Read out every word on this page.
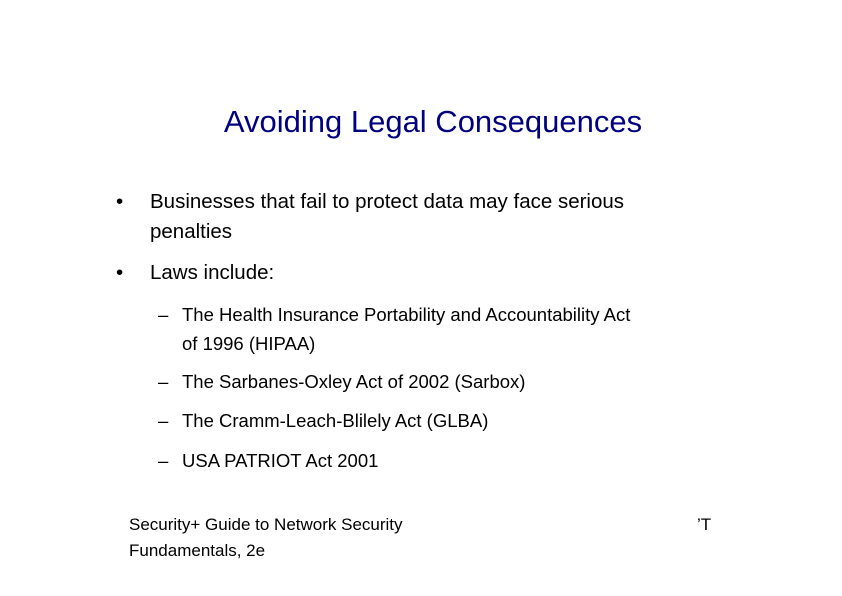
Avoiding Legal Consequences
• Businesses that fail to protect data may face serious
penalties
• Laws include:
– The Health Insurance Portability and Accountability Act
of 1996 (HIPAA)
– The Sarbanes-Oxley Act of 2002 (Sarbox)
– The Cramm-Leach-Blilely Act (GLBA)
– USA PATRIOT Act 2001
Security+ Guide to Network Security
Fundamentals, 2e
’T
